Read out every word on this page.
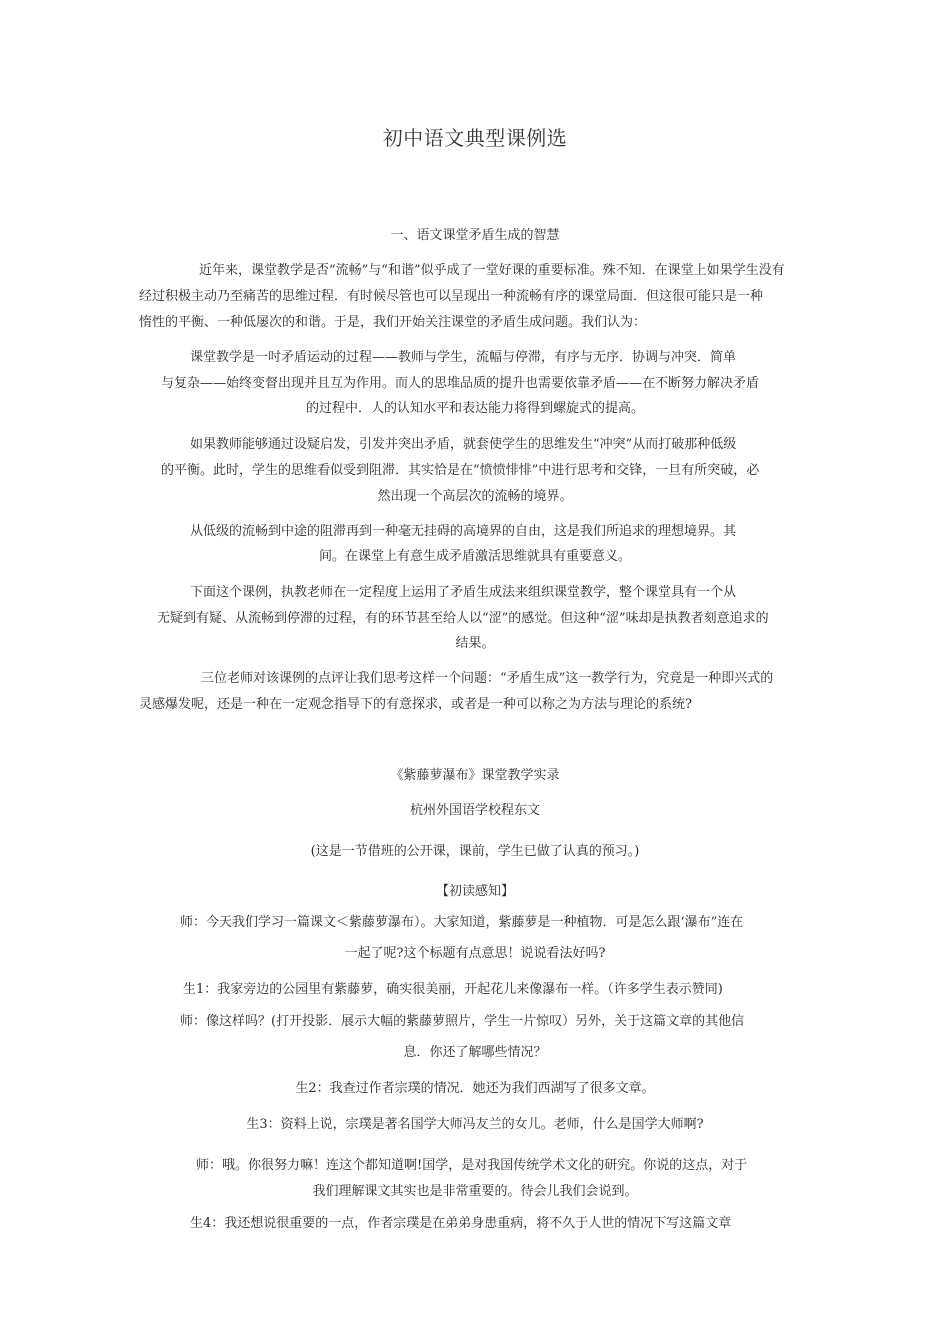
初中语文典型课例选
一、语文课堂矛盾生成的智慧
近年来，课堂教学是否“流畅”与“和谐”似乎成了一堂好课的重要标准。殊不知．在课堂上如果学生没有
经过积极主动乃至痛苦的思维过程．有时候尽管也可以呈现出一种流畅有序的课堂局面．但这很可能只是一种
惰性的平衡、一种低屡次的和谐。于是，我们开始关注课堂的矛盾生成问题。我们认为：
课堂教学是一吋矛盾运动的过程——教师与学生，流幅与停滞，有序与无序．协调与冲突．简单
与复杂——始终变督出现并且互为作用。而人的思堆品质的提升也需要依靠矛盾——在不断努力解决矛盾
的过程中．人的认知水平和表达能力将得到螺旋式的提高。
如果教师能够通过设疑启发，引发并突出矛盾，就套使学生的思维发生“冲突”从而打破那种低级
的平衡。此时，学生的思维看似受到阻滞．其实恰是在“愤愤悱悱”中进行思考和交锋，一旦有所突破，必
然出现一个高层次的流畅的境界。
从低级的流畅到中途的阻滞再到一种毫无挂碍的高境界的自由，这是我们所追求的理想境界。其
间。在课堂上有意生成矛盾激活思维就具有重要意义。
下面这个课例，执教老师在一定程度上运用了矛盾生成法来组织课堂教学，整个课堂具有一个从
无疑到有疑、从流畅到停滞的过程，有的环节甚至给人以“涩”的感觉。但这种“涩”味却是执教者刻意追求的
结果。
三位老师对该课例的点评让我们思考这样一个问题：“矛盾生成”这一教学行为，究竟是一种即兴式的
灵感爆发呢，还是一种在一定观念指导下的有意探求，或者是一种可以称之为方法与理论的系统?
《紫藤萝瀑布》课堂教学实录
杭州外国语学校程东文
(这是一节借班的公开课，课前，学生已做了认真的预习。)
【初读感知】
师：今天我们学习一篇课文＜紫藤萝瀑布）。大家知道，紫藤萝是一种植物．可是怎么跟‘瀑布”连在
一起了呢?这个标题有点意思！说说看法好吗?
生1：我家旁边的公园里有紫藤萝，确实很美丽，开起花儿来像瀑布一样。（许多学生表示赞同)
师：像这样吗？(打开投影．展示大幅的紫藤萝照片，学生一片惊叹）另外，关于这篇文章的其他信
息．你还了解哪些情况？
生2：我查过作者宗璞的情况．她还为我们西湖写了很多文章。
生3：资料上说，宗璞是著名国学大师冯友兰的女儿。老师，什么是国学大师啊?
师：哦。你很努力嘛！连这个都知道啊!国学，是对我国传统学术文化的研究。你说的这点，对于
我们理解课文其实也是非常重要的。待会儿我们会说到。
生4：我还想说很重要的一点，作者宗璞是在弟弟身患重病，将不久于人世的情况下写这篇文章
